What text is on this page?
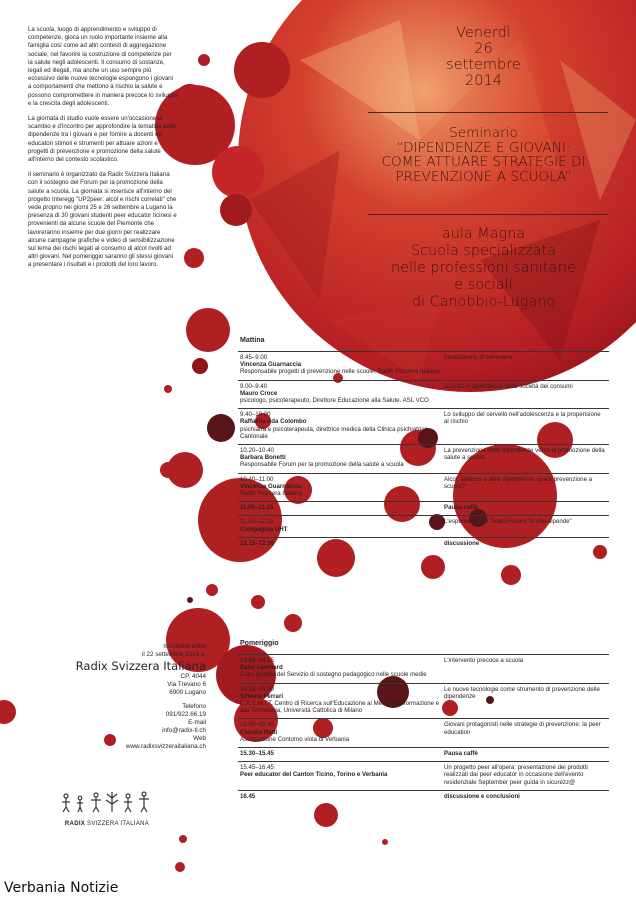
La scuola, luogo di apprendimento e sviluppo di competenze, gioca un ruolo importante insieme alla famiglia così come ad altri contesti di aggregazione sociale, nel favorire la costruzione di competenze per la salute negli adolescenti. Il consumo di sostanze, legali ed illegali, ma anche un uso sempre più eccessivo delle nuove tecnologie espongono i giovani a comportamenti che mettono a rischio la salute e possono compromettere in maniera precoce lo sviluppo e la crescita degli adolescenti.

La giornata di studio vuole essere un'occasione di scambio e d'incontro per approfondire la tematica delle dipendenze tra i giovani e per fornire a docenti ed educatori stimoli e strumenti per attuare azioni e progetti di prevenzione e promozione della salute all'interno del contesto scolastico.

Il seminario è organizzato da Radix Svizzera Italiana con il sostegno del Forum per la promozione della salute a scuola. La giornata si inserisce all'interno del progetto Interegg "UP2peer: alcol e rischi correlati" che vede proprio nei giorni 25 e 26 settembre a Lugano la presenza di 30 giovani studenti peer educator ticinesi e provenienti da alcune scuole del Piemonte che lavoreranno insieme per due giorni per realizzare alcune campagne grafiche e video di sensibilizzazione sul tema dei rischi legati al consumo di alcol rivolti ad altri giovani. Nel pomeriggio saranno gli stessi giovani a presentare i risultati e i prodotti del loro lavoro.

Venerdì
26
settembre
2014
Seminario
“DIPENDENZE E GIOVANI:
COME ATTUARE STRATEGIE DI
PREVENZIONE A SCUOLA”
aula Magna
Scuola specializzata
nelle professioni sanitarie
e sociali
di Canobbio-Lugano
Mattina
8.45–9.00
Vincenza Guarnaccia
Responsabile progetti di prevenzione nelle scuole, Radix Svizzera Italiana	Introduzione al seminario

9.00–9.40
Mauro Croce
psicologo, psicoterapeuto, Direttore Educazione alla Salute. ASL VCO	Giovani e dipendenze nella società dei consumi

9.40–10.20
Raffaella Ada Colombo
psichiatra e psicoterapeuta, direttrice medica della Clinica psichiatrica Cantonale	Lo sviluppo del cervello nell'adolescenza e la propensione al rischio

10.20–10.40
Barbara Bonetti
Responsabile Forum per la promozione della salute a scuola	La prevenzione delle dipendenze verso la promozione della salute a scuola

10.40–11.00
Vincenza Guarnaccia
Radix Svizzera Italiana	Alcol, tabacco e altre dipendenze: quale prevenzione a scuola?

11.00–11.15	Pausa caffè

11.15–12.15
Compagnia UHT	L'esperienza del Teatro Forum "di che dipende"

12.15–12.30	discussione
Pomeriggio
13.45–14.15
Ester Lienhard
Capo gruppo del Servizio di sostegno pedagogico nelle scuole medie	L'intervento precoce a scuola

14.15–15.00
Simone Ferrari
C.R.E.M.I.T. Centro di Ricerca sull'Educazione ai Media all'informazione e alla Tecnologia, Università Cattolica di Milano	Le nuove tecnologie come strumento di prevenzione delle dipendenze

15.00–15.30
Claudia Ratti
Associazione Contorno viola di Verbania	Giovani protagonisti nelle strategie di prevenzione: la peer education

15.30–15.45	Pausa caffè

15.45–16.45
Peer educator del Canton Ticino, Torino e Verbania	Un progetto peer all'opera: presentazione dei prodotti realizzati dai peer educator in occasione dell'evento residenziale September peer guida in sicurezz@

16.45	discussione e conclusioni
Iscrizione entro
il 22 settembre 2014 a:
Radix Svizzera Italiana
CP. 4044
Via Trevano 6
6900 Lugano
Telefono
091/922.66.19
E-mail
info@radix-ti.ch
Web
www.radixsvizzeraitaliana.ch
RADIX SVIZZERA ITALIANA
Verbania Notizie
